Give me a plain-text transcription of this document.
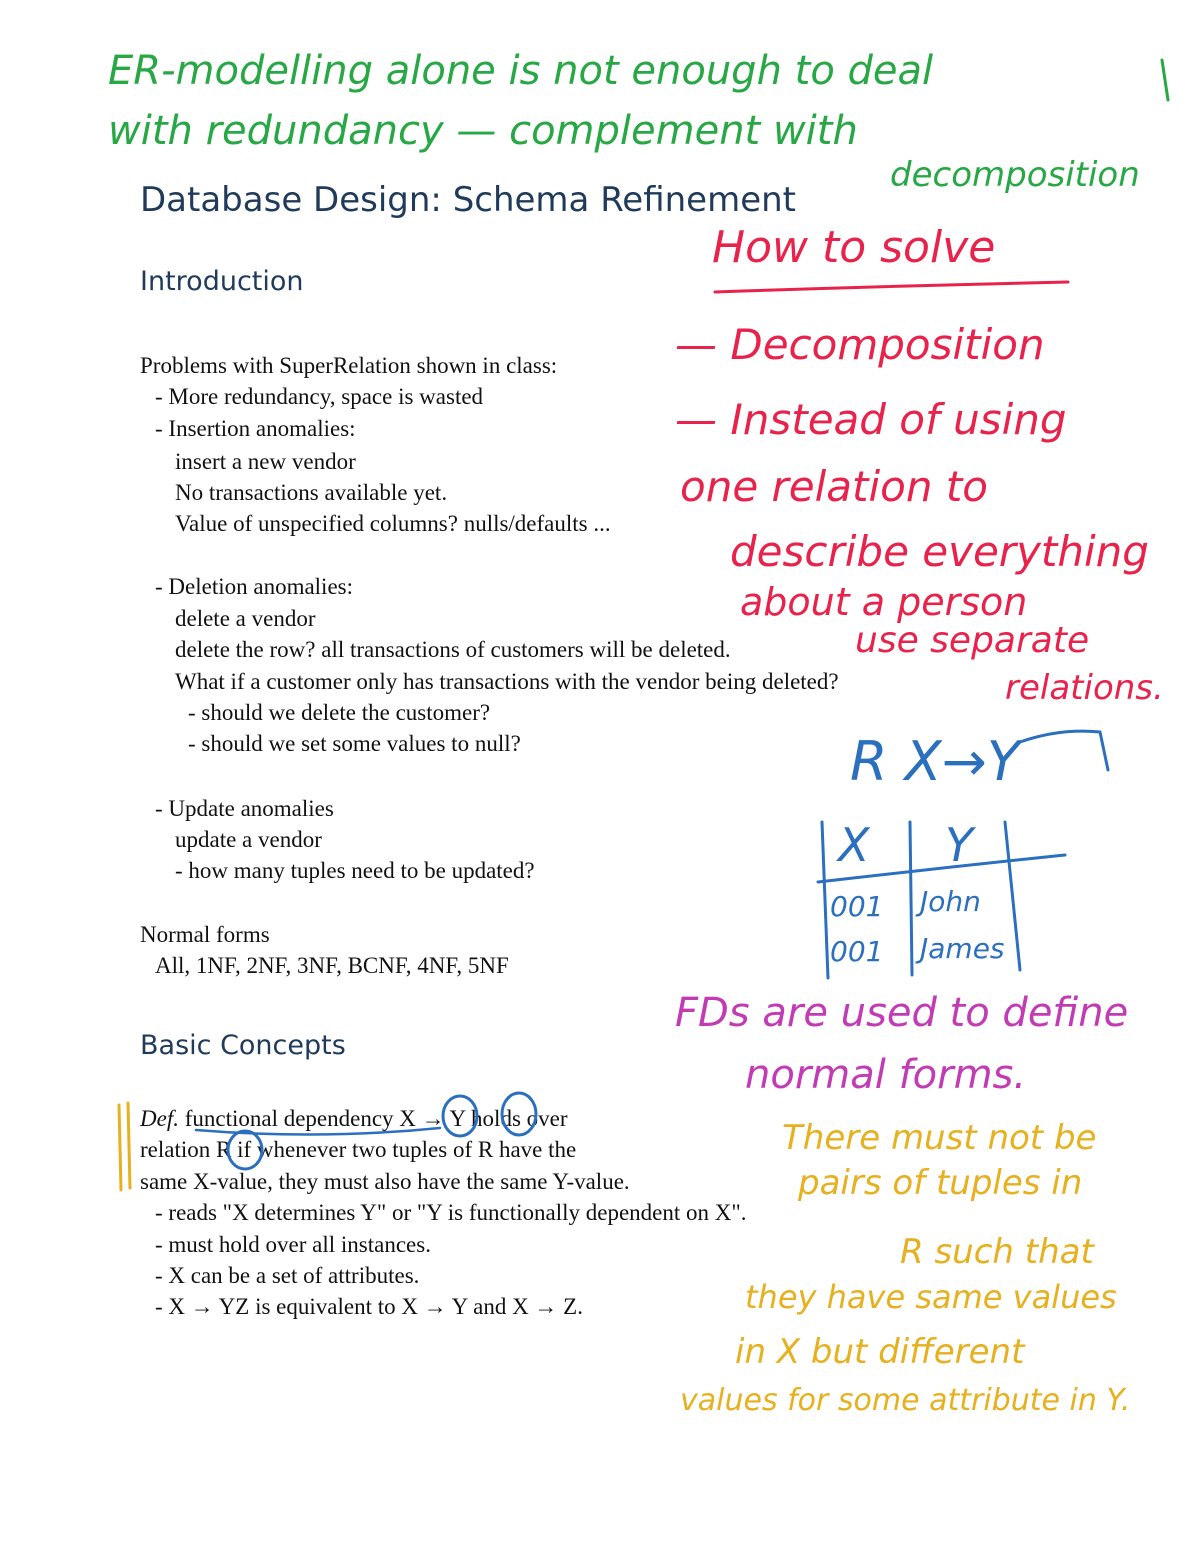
ER-modelling alone is not enough to deal
with redundancy — complement with
decomposition
Database Design: Schema Refinement
Introduction
Problems with SuperRelation shown in class:
- More redundancy, space is wasted
- Insertion anomalies:
insert a new vendor
No transactions available yet.
Value of unspecified columns? nulls/defaults ...
- Deletion anomalies:
delete a vendor
delete the row? all transactions of customers will be deleted.
What if a customer only has transactions with the vendor being deleted?
- should we delete the customer?
- should we set some values to null?
- Update anomalies
update a vendor
- how many tuples need to be updated?
Normal forms
All, 1NF, 2NF, 3NF, BCNF, 4NF, 5NF
Basic Concepts
Def. functional dependency X → Y holds over
relation R if whenever two tuples of R have the
same X-value, they must also have the same Y-value.
- reads "X determines Y" or "Y is functionally dependent on X".
- must hold over all instances.
- X can be a set of attributes.
- X → YZ is equivalent to X → Y and X → Z.
How to solve
— Decomposition
— Instead of using
one relation to
describe everything
about a person
use separate
relations.
R X→Y
X Y
001 John
001 James
FDs are used to define
normal forms.
There must not be
pairs of tuples in
R such that
they have same values
in X but different
values for some attribute in Y.
